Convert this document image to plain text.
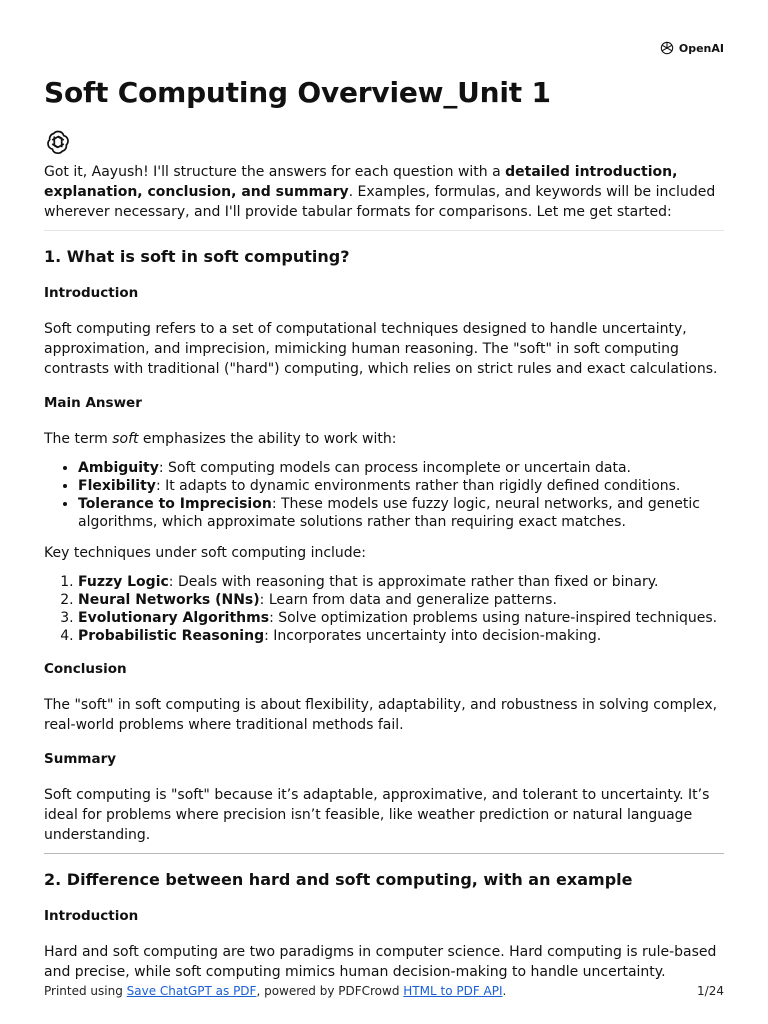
OpenAI
Soft Computing Overview_Unit 1

Got it, Aayush! I'll structure the answers for each question with a detailed introduction, explanation, conclusion, and summary. Examples, formulas, and keywords will be included wherever necessary, and I'll provide tabular formats for comparisons. Let me get started:

1. What is soft in soft computing?
Introduction

Soft computing refers to a set of computational techniques designed to handle uncertainty, approximation, and imprecision, mimicking human reasoning. The "soft" in soft computing contrasts with traditional ("hard") computing, which relies on strict rules and exact calculations.

Main Answer

The term soft emphasizes the ability to work with:

• Ambiguity: Soft computing models can process incomplete or uncertain data.
• Flexibility: It adapts to dynamic environments rather than rigidly defined conditions.
• Tolerance to Imprecision: These models use fuzzy logic, neural networks, and genetic algorithms, which approximate solutions rather than requiring exact matches.

Key techniques under soft computing include:

1. Fuzzy Logic: Deals with reasoning that is approximate rather than fixed or binary.
2. Neural Networks (NNs): Learn from data and generalize patterns.
3. Evolutionary Algorithms: Solve optimization problems using nature-inspired techniques.
4. Probabilistic Reasoning: Incorporates uncertainty into decision-making.
Conclusion

The "soft" in soft computing is about flexibility, adaptability, and robustness in solving complex, real-world problems where traditional methods fail.

Summary

Soft computing is "soft" because it’s adaptable, approximative, and tolerant to uncertainty. It’s ideal for problems where precision isn’t feasible, like weather prediction or natural language understanding.

2. Difference between hard and soft computing, with an example
Introduction

Hard and soft computing are two paradigms in computer science. Hard computing is rule-based and precise, while soft computing mimics human decision-making to handle uncertainty.

Printed using Save ChatGPT as PDF, powered by PDFCrowd HTML to PDF API.	1/24
